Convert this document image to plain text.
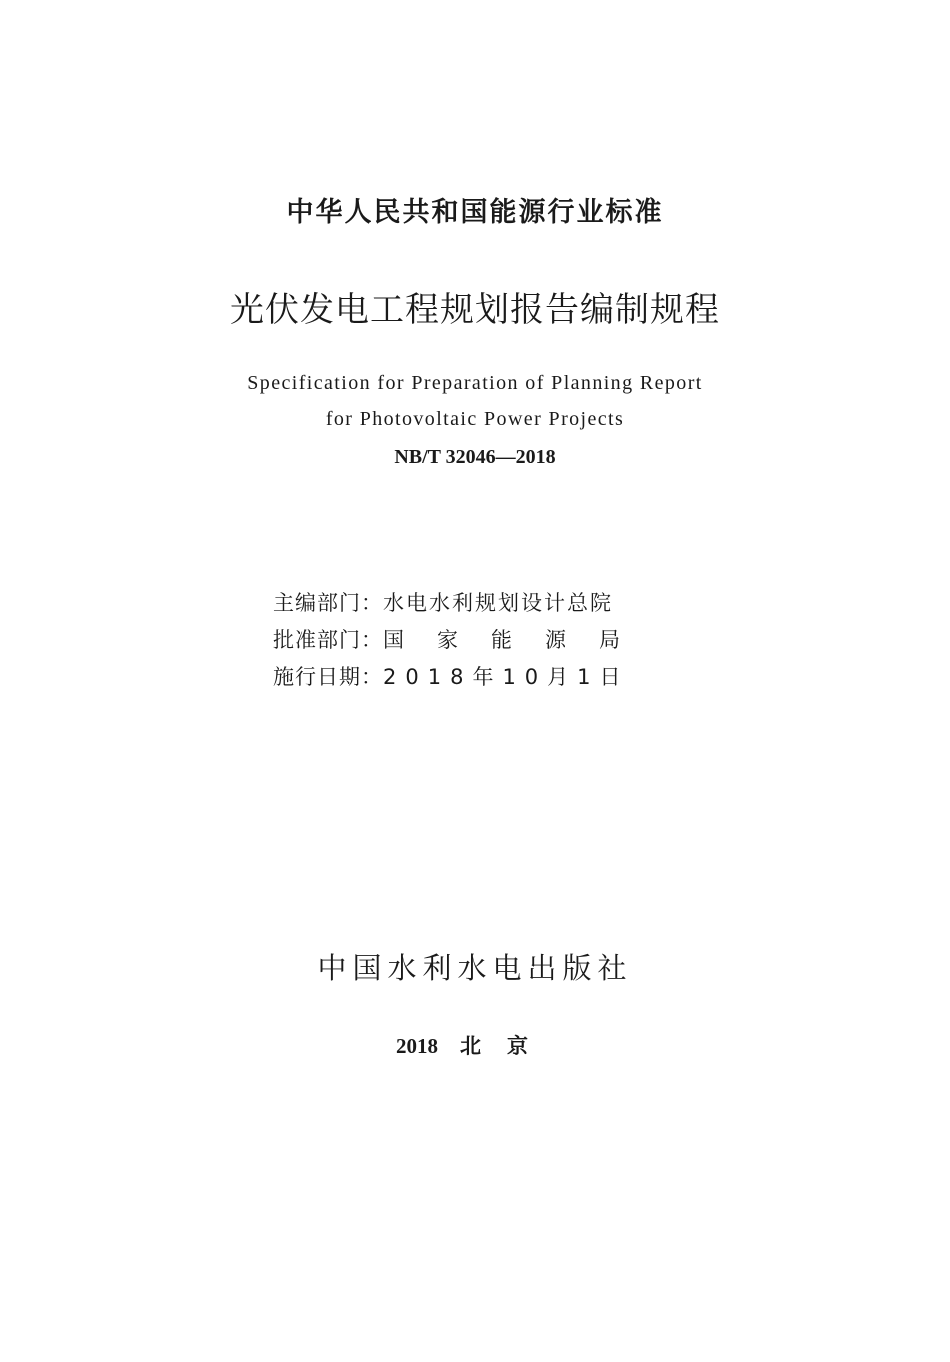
中华人民共和国能源行业标准
光伏发电工程规划报告编制规程
Specification for Preparation of Planning Report
for Photovoltaic Power Projects
NB/T 32046—2018
主编部门：水电水利规划设计总院
批准部门：国家能源局
施行日期：2018年10月1日
中国水利水电出版社
2018 北京
